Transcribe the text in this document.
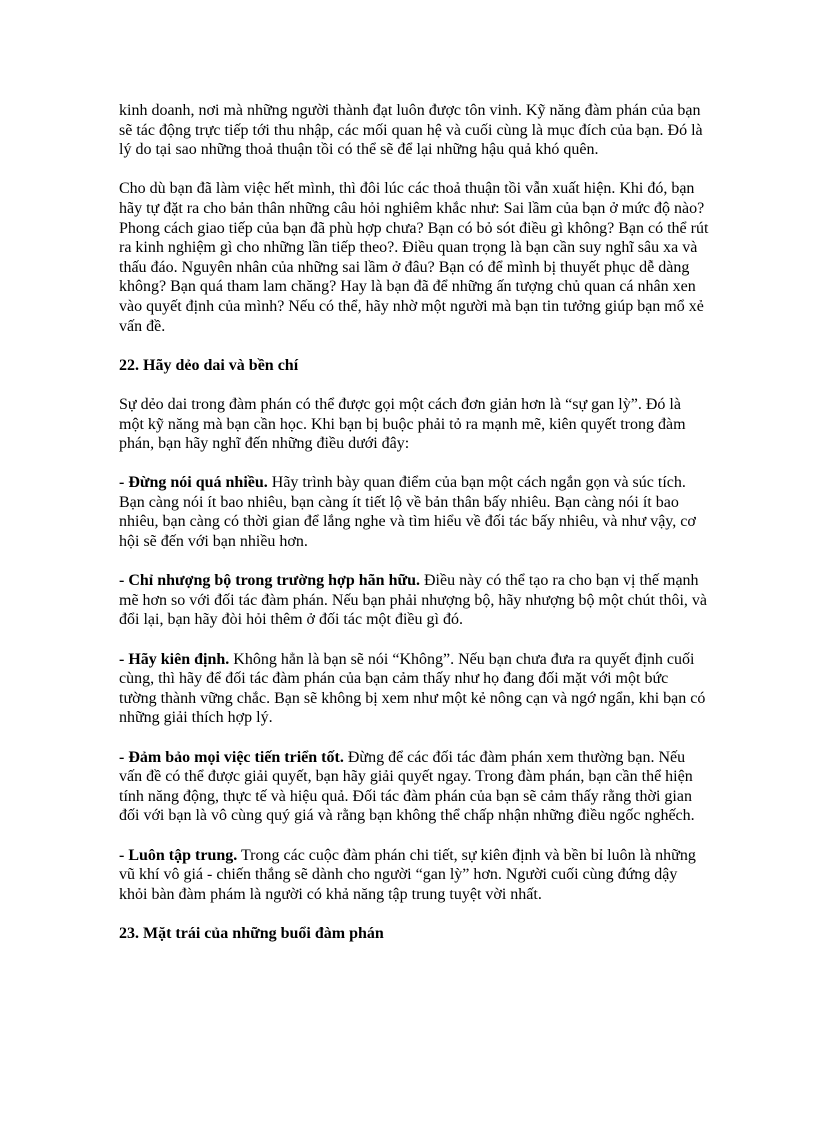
kinh doanh, nơi mà những người thành đạt luôn được tôn vinh. Kỹ năng đàm phán của bạn sẽ tác động trực tiếp tới thu nhập, các mối quan hệ và cuối cùng là mục đích của bạn. Đó là lý do tại sao những thoả thuận tồi có thể sẽ để lại những hậu quả khó quên.

Cho dù bạn đã làm việc hết mình, thì đôi lúc các thoả thuận tồi vẫn xuất hiện. Khi đó, bạn hãy tự đặt ra cho bản thân những câu hỏi nghiêm khắc như: Sai lầm của bạn ở mức độ nào? Phong cách giao tiếp của bạn đã phù hợp chưa? Bạn có bỏ sót điều gì không? Bạn có thể rút ra kinh nghiệm gì cho những lần tiếp theo?. Điều quan trọng là bạn cần suy nghĩ sâu xa và thấu đáo. Nguyên nhân của những sai lầm ở đâu? Bạn có để mình bị thuyết phục dễ dàng không? Bạn quá tham lam chăng? Hay là bạn đã để những ấn tượng chủ quan cá nhân xen vào quyết định của mình? Nếu có thể, hãy nhờ một người mà bạn tin tưởng giúp bạn mổ xẻ vấn đề.

22. Hãy dẻo dai và bền chí

Sự dẻo dai trong đàm phán có thể được gọi một cách đơn giản hơn là “sự gan lỳ”. Đó là một kỹ năng mà bạn cần học. Khi bạn bị buộc phải tỏ ra mạnh mẽ, kiên quyết trong đàm phán, bạn hãy nghĩ đến những điều dưới đây:

- Đừng nói quá nhiều. Hãy trình bày quan điểm của bạn một cách ngắn gọn và súc tích. Bạn càng nói ít bao nhiêu, bạn càng ít tiết lộ về bản thân bấy nhiêu. Bạn càng nói ít bao nhiêu, bạn càng có thời gian để lắng nghe và tìm hiểu về đối tác bấy nhiêu, và như vậy, cơ hội sẽ đến với bạn nhiều hơn.

- Chỉ nhượng bộ trong trường hợp hãn hữu. Điều này có thể tạo ra cho bạn vị thế mạnh mẽ hơn so với đối tác đàm phán. Nếu bạn phải nhượng bộ, hãy nhượng bộ một chút thôi, và đổi lại, bạn hãy đòi hỏi thêm ở đối tác một điều gì đó.

- Hãy kiên định. Không hẳn là bạn sẽ nói “Không”. Nếu bạn chưa đưa ra quyết định cuối cùng, thì hãy để đối tác đàm phán của bạn cảm thấy như họ đang đối mặt với một bức tường thành vững chắc. Bạn sẽ không bị xem như một kẻ nông cạn và ngớ ngẩn, khi bạn có những giải thích hợp lý.

- Đảm bảo mọi việc tiến triển tốt. Đừng để các đối tác đàm phán xem thường bạn. Nếu vấn đề có thể được giải quyết, bạn hãy giải quyết ngay. Trong đàm phán, bạn cần thể hiện tính năng động, thực tế và hiệu quả. Đối tác đàm phán của bạn sẽ cảm thấy rằng thời gian đối với bạn là vô cùng quý giá và rằng bạn không thể chấp nhận những điều ngốc nghếch.

- Luôn tập trung. Trong các cuộc đàm phán chi tiết, sự kiên định và bền bỉ luôn là những vũ khí vô giá - chiến thắng sẽ dành cho người “gan lỳ” hơn. Người cuối cùng đứng dậy khỏi bàn đàm phám là người có khả năng tập trung tuyệt vời nhất.

23. Mặt trái của những buổi đàm phán
